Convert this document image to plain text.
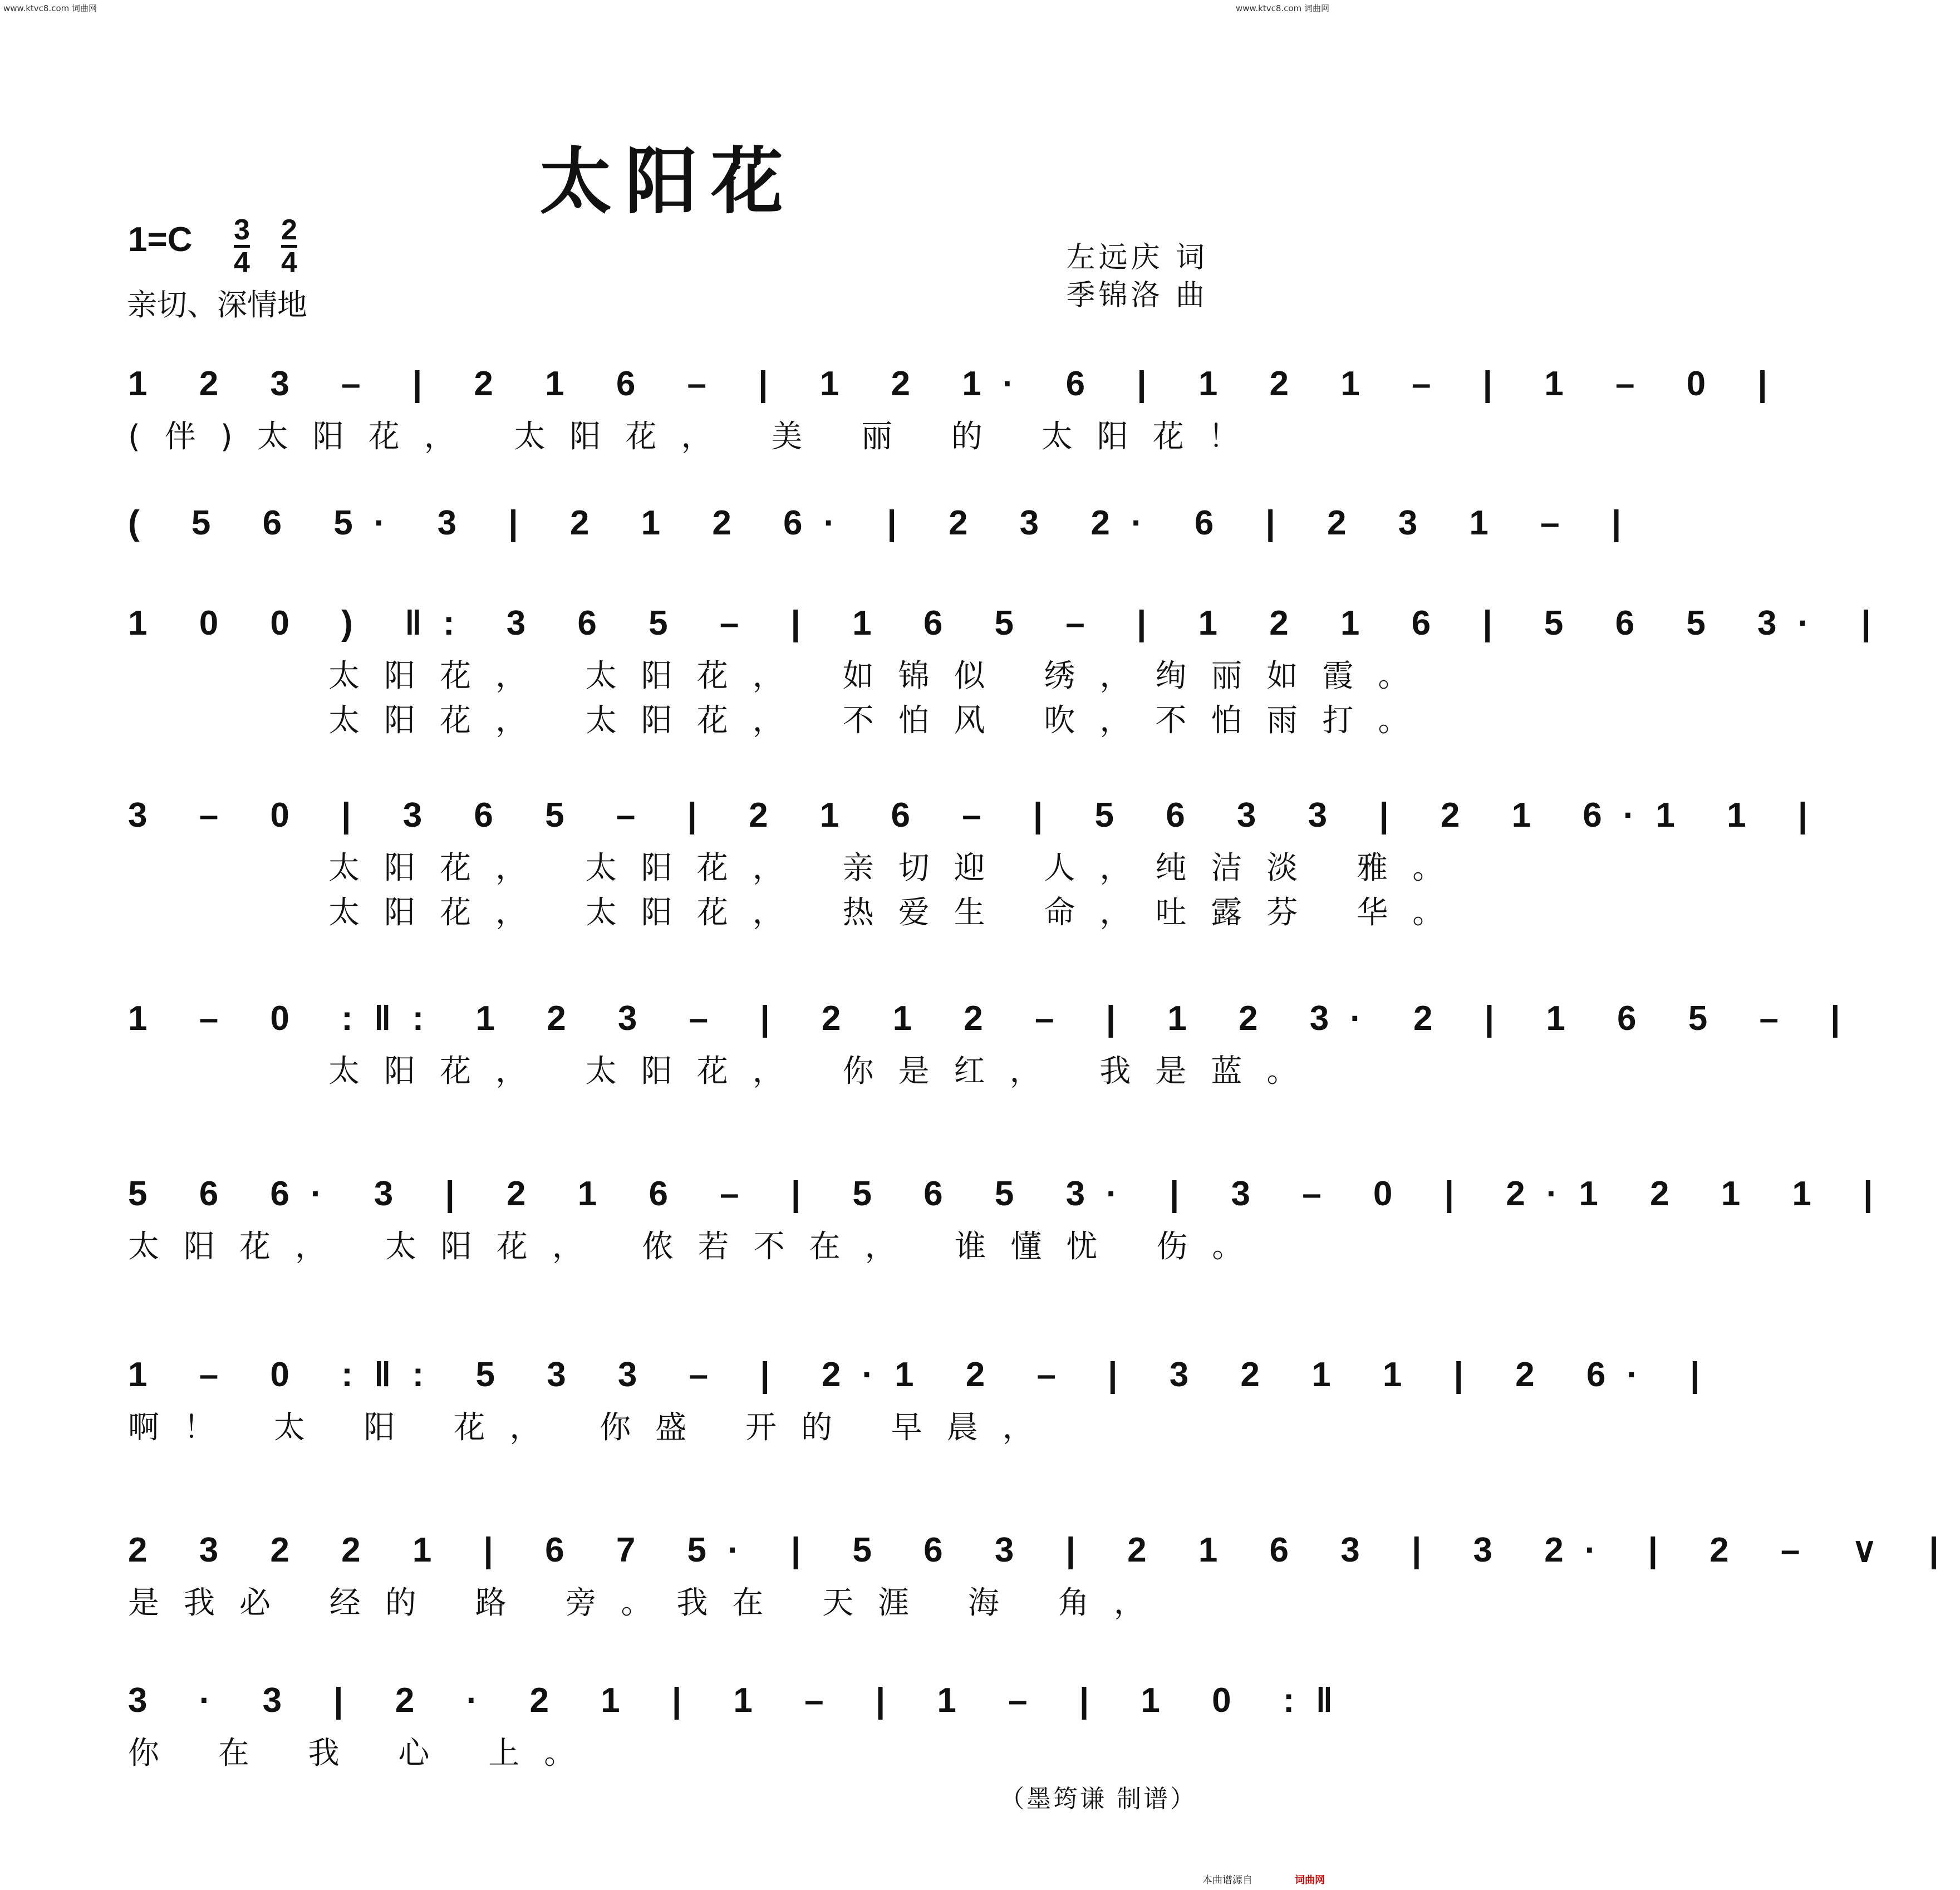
www.ktvc8.com 词曲网	www.ktvc8.com 词曲网
太阳花
1=C 3
4
2
4
亲切、深情地
左远庆 词
季锦洛 曲
1 2 3 – | 2 1 6 – | 1 2 1· 6 | 1 2 1 – | 1 – 0 |
(伴)太阳花， 太阳花， 美 丽 的 太阳花！
( 5 6 5· 3 | 2 1 2 6· | 2 3 2· 6 | 2 3 1 – |
1 0 0 ) ‖: 3 6 5 – | 1 6 5 – | 1 2 1 6 | 5 6 5 3· |
太阳花， 太阳花， 如锦似 绣，绚丽如霞。
太阳花， 太阳花， 不怕风 吹，不怕雨打。
3 – 0 | 3 6 5 – | 2 1 6 – | 5 6 3 3 | 2 1 6·1 1 |
太阳花， 太阳花， 亲切迎 人，纯洁淡 雅。
太阳花， 太阳花， 热爱生 命，吐露芬 华。
1 – 0 :‖: 1 2 3 – | 2 1 2 – | 1 2 3· 2 | 1 6 5 – |
太阳花， 太阳花， 你是红， 我是蓝。
5 6 6· 3 | 2 1 6 – | 5 6 5 3· | 3 – 0 | 2·1 2 1 1 |
太阳花， 太阳花， 侬若不在， 谁懂忧 伤。
1 – 0 :‖: 5 3 3 – | 2·1 2 – | 3 2 1 1 | 2 6· |
啊！ 太 阳 花， 你盛 开的 早晨，
2 3 2 2 1 | 6 7 5· | 5 6 3 | 2 1 6 3 | 3 2· | 2 – ∨ |
是我必 经的 路 旁。我在 天涯 海 角，
3 · 3 | 2 · 2 1 | 1 – | 1 – | 1 0 :‖
你 在 我 心 上。
（墨筠谦 制谱）
本曲谱源自	词曲网
